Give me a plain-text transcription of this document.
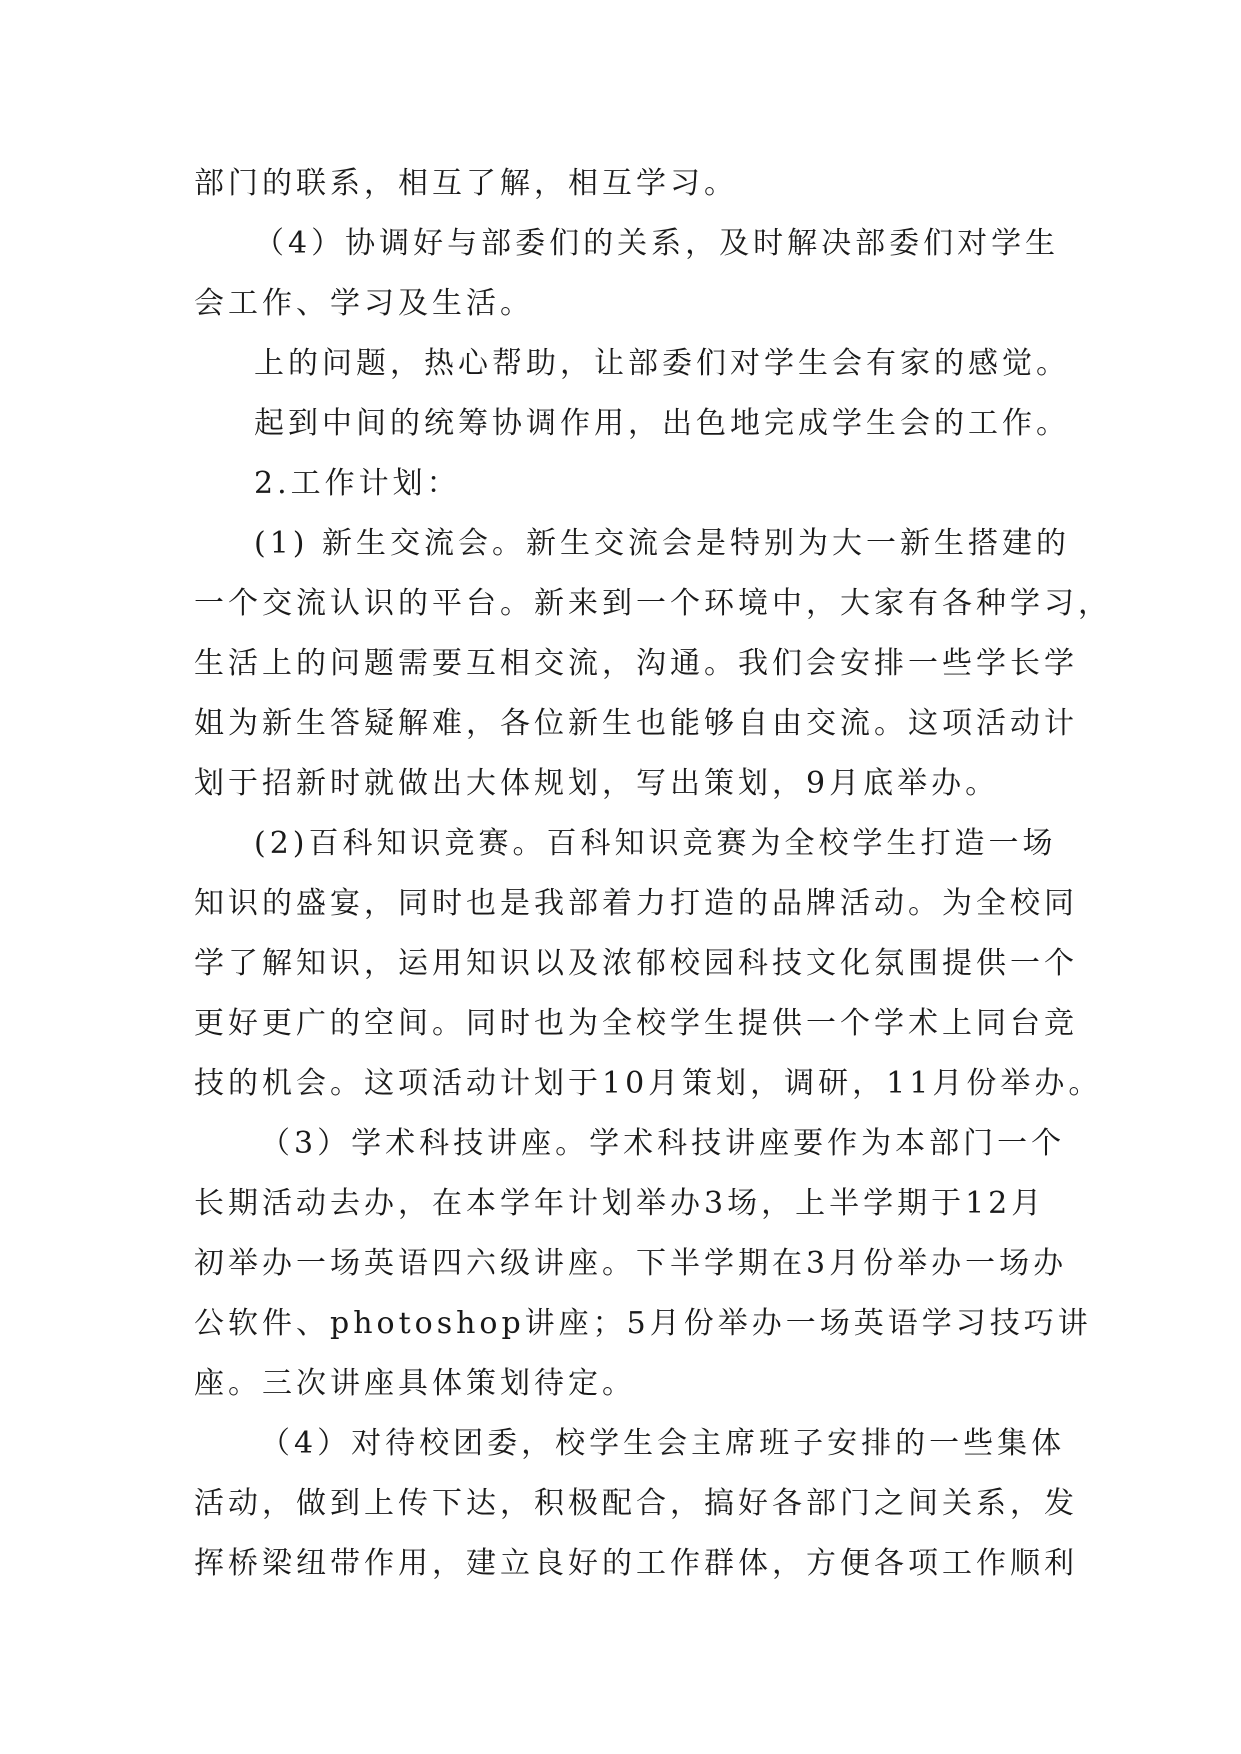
部门的联系，相互了解，相互学习。
（4）协调好与部委们的关系，及时解决部委们对学生
会工作、学习及生活。
上的问题，热心帮助，让部委们对学生会有家的感觉。
起到中间的统筹协调作用，出色地完成学生会的工作。
2.工作计划：
(1) 新生交流会。新生交流会是特别为大一新生搭建的
一个交流认识的平台。新来到一个环境中，大家有各种学习，
生活上的问题需要互相交流，沟通。我们会安排一些学长学
姐为新生答疑解难，各位新生也能够自由交流。这项活动计
划于招新时就做出大体规划，写出策划，9月底举办。
(2)百科知识竞赛。百科知识竞赛为全校学生打造一场
知识的盛宴，同时也是我部着力打造的品牌活动。为全校同
学了解知识，运用知识以及浓郁校园科技文化氛围提供一个
更好更广的空间。同时也为全校学生提供一个学术上同台竞
技的机会。这项活动计划于10月策划，调研，11月份举办。
（3）学术科技讲座。学术科技讲座要作为本部门一个
长期活动去办，在本学年计划举办3场，上半学期于12月
初举办一场英语四六级讲座。下半学期在3月份举办一场办
公软件、photoshop讲座；5月份举办一场英语学习技巧讲
座。三次讲座具体策划待定。
（4）对待校团委，校学生会主席班子安排的一些集体
活动，做到上传下达，积极配合，搞好各部门之间关系，发
挥桥梁纽带作用，建立良好的工作群体，方便各项工作顺利
